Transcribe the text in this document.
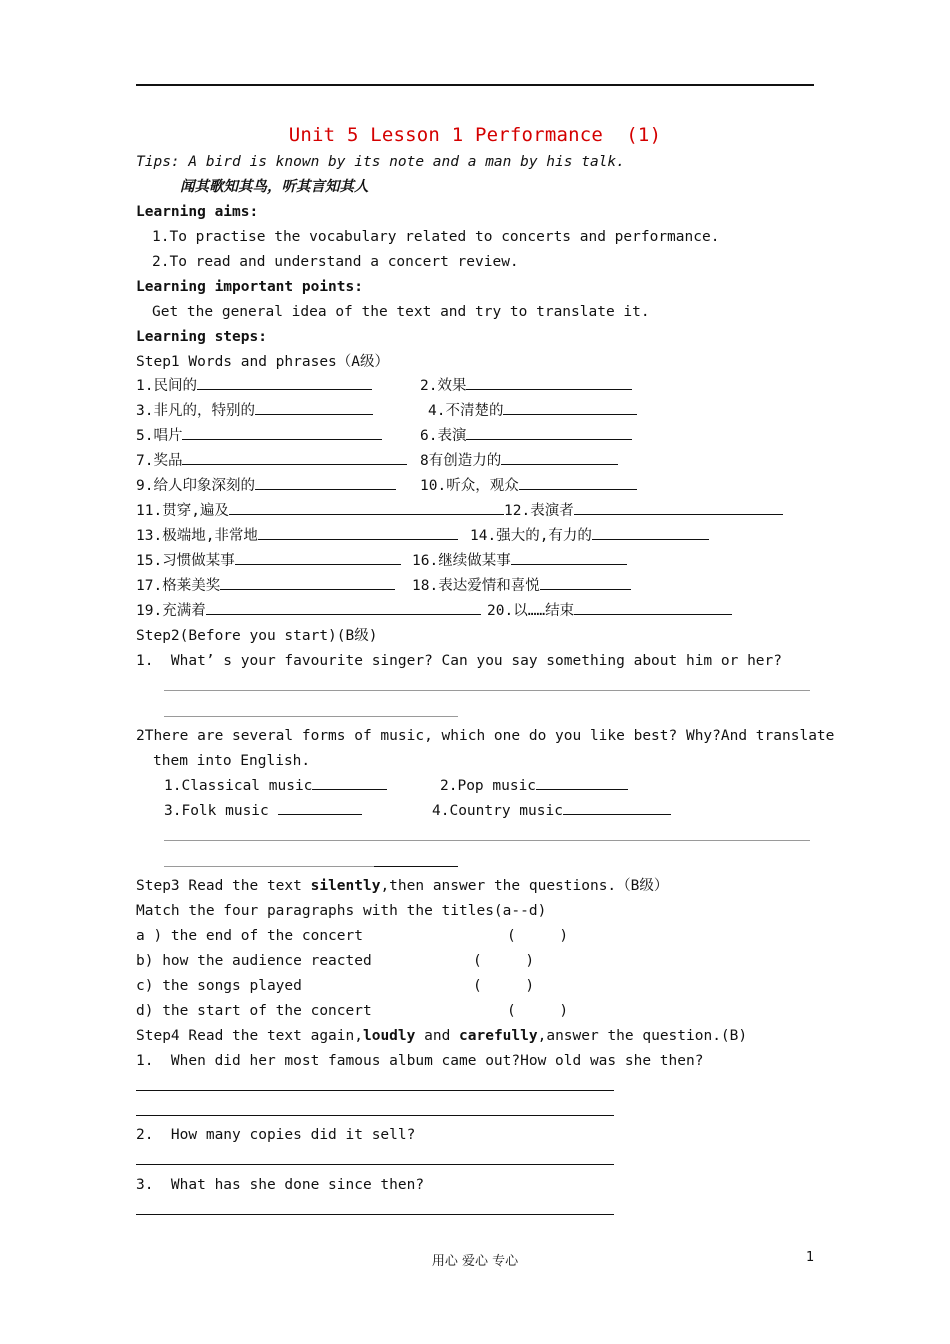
Unit 5 Lesson 1 Performance  (1)
Tips: A bird is known by its note and a man by his talk.
闻其歌知其鸟，听其言知其人
Learning aims:
1.To practise the vocabulary related to concerts and performance.
2.To read and understand a concert review.
Learning important points:
Get the general idea of the text and try to translate it.
Learning steps:
Step1 Words and phrases（A级）
1.民间的	2.效果
3.非凡的，特别的	4.不清楚的
5.唱片	6.表演
7.奖品	8有创造力的
9.给人印象深刻的	10.听众，观众
11.贯穿,遍及	12.表演者
13.极端地,非常地	14.强大的,有力的
15.习惯做某事	16.继续做某事
17.格莱美奖	18.表达爱情和喜悦
19.充满着	20.以……结束
Step2(Before you start)(B级)
1.  What’ s your favourite singer? Can you say something about him or her?
2There are several forms of music, which one do you like best? Why?And translate
them into English.
1.Classical music	2.Pop music
3.Folk music	4.Country music
Step3 Read the text silently,then answer the questions.（B级）
Match the four paragraphs with the titles(a--d)
a ) the end of the concert	(     )
b) how the audience reacted	(     )
c) the songs played	(     )
d) the start of the concert	(     )
Step4 Read the text again,loudly and carefully,answer the question.(B)
1.  When did her most famous album came out?How old was she then?
2.  How many copies did it sell?
3.  What has she done since then?
用心 爱心 专心	1
